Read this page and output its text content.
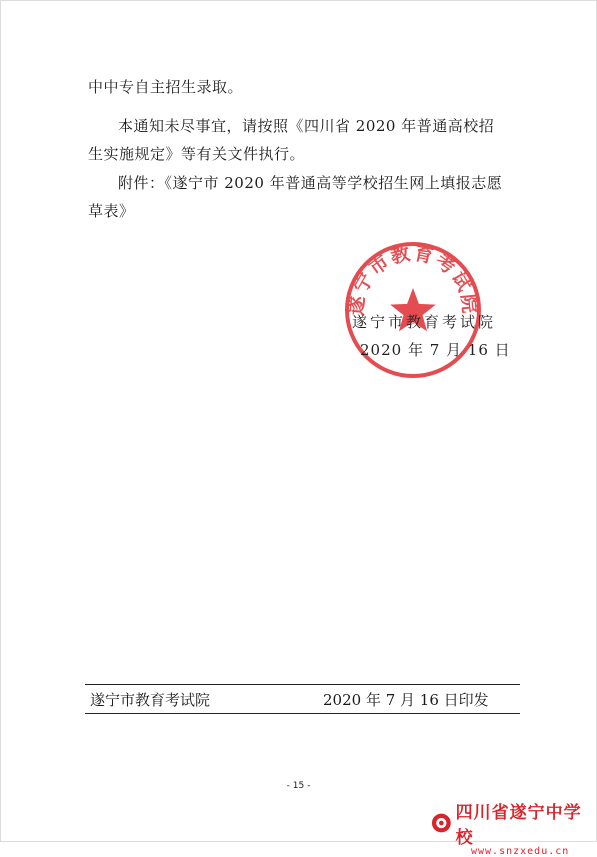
中中专自主招生录取。
本通知未尽事宜，请按照《四川省 2020 年普通高校招
生实施规定》等有关文件执行。
附件：《遂宁市 2020 年普通高等学校招生网上填报志愿
草表》
遂宁市教育考试院
遂宁市教育考试院
2020 年 7 月 16 日
遂宁市教育考试院	2020 年 7 月 16 日印发
- 15 -
四川省遂宁中学校
www.snzxedu.cn
